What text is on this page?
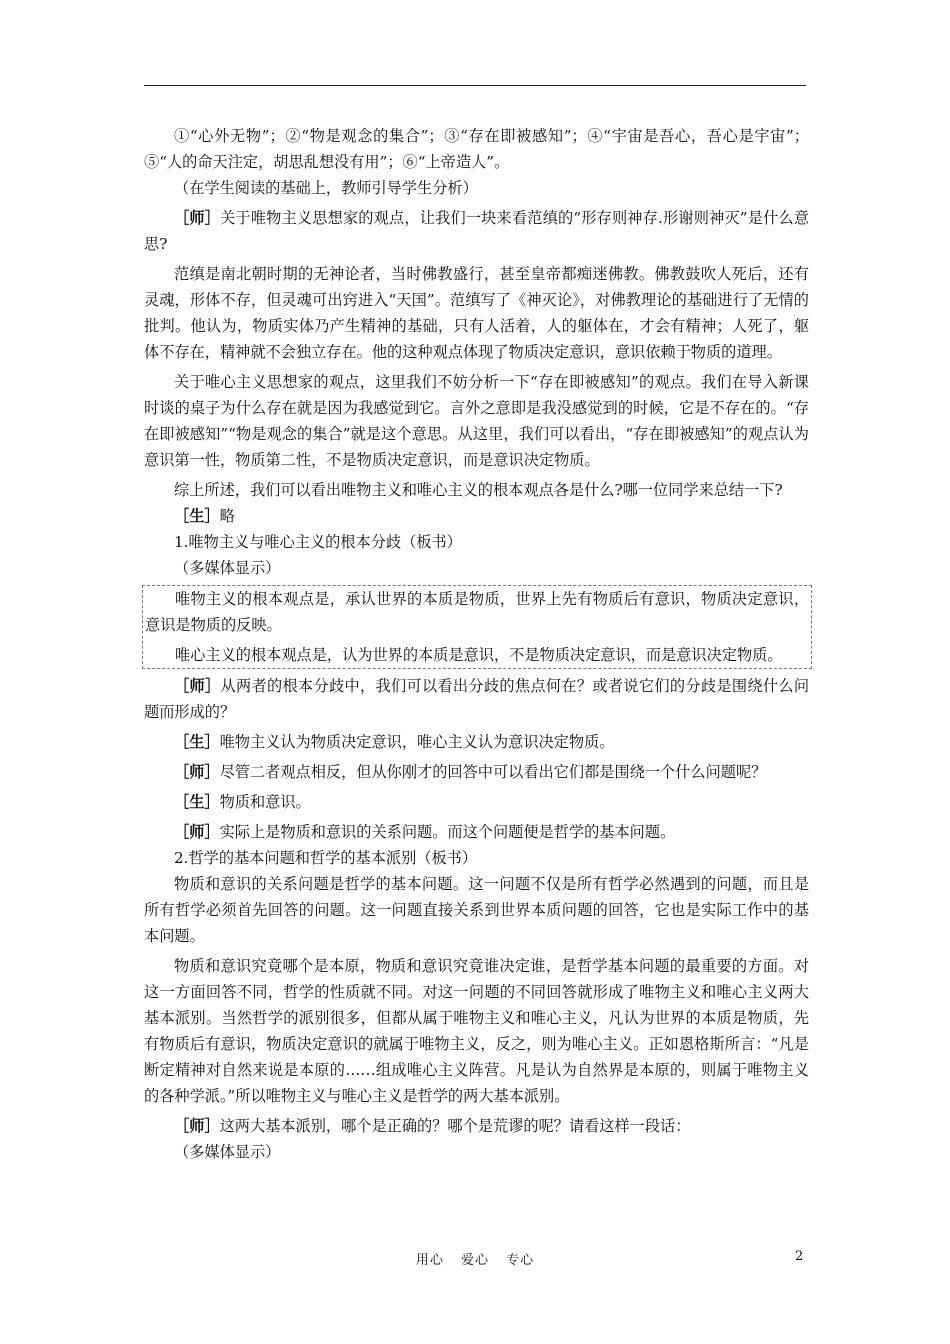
①“心外无物”；②“物是观念的集合”；③“存在即被感知”；④“宇宙是吾心，吾心是宇宙”；⑤“人的命天注定，胡思乱想没有用”；⑥“上帝造人”。

（在学生阅读的基础上，教师引导学生分析）

［师］关于唯物主义思想家的观点，让我们一块来看范缜的“形存则神存.形谢则神灭”是什么意思?

范缜是南北朝时期的无神论者，当时佛教盛行，甚至皇帝都痴迷佛教。佛教鼓吹人死后，还有灵魂，形体不存，但灵魂可出窍进入“天国”。范缜写了《神灭论》，对佛教理论的基础进行了无情的批判。他认为，物质实体乃产生精神的基础，只有人活着，人的躯体在，才会有精神；人死了，躯体不存在，精神就不会独立存在。他的这种观点体现了物质决定意识，意识依赖于物质的道理。

关于唯心主义思想家的观点，这里我们不妨分析一下“存在即被感知”的观点。我们在导入新课时谈的桌子为什么存在就是因为我感觉到它。言外之意即是我没感觉到的时候，它是不存在的。“存在即被感知”“物是观念的集合”就是这个意思。从这里，我们可以看出，“存在即被感知”的观点认为意识第一性，物质第二性，不是物质决定意识，而是意识决定物质。

综上所述，我们可以看出唯物主义和唯心主义的根本观点各是什么?哪一位同学来总结一下?

［生］略

1.唯物主义与唯心主义的根本分歧（板书）

（多媒体显示）

唯物主义的根本观点是，承认世界的本质是物质，世界上先有物质后有意识，物质决定意识，意识是物质的反映。

唯心主义的根本观点是，认为世界的本质是意识，不是物质决定意识，而是意识决定物质。

［师］从两者的根本分歧中，我们可以看出分歧的焦点何在？或者说它们的分歧是围绕什么问题而形成的？

［生］唯物主义认为物质决定意识，唯心主义认为意识决定物质。

［师］尽管二者观点相反，但从你刚才的回答中可以看出它们都是围绕一个什么问题呢？

［生］物质和意识。

［师］实际上是物质和意识的关系问题。而这个问题便是哲学的基本问题。

2.哲学的基本问题和哲学的基本派别（板书）

物质和意识的关系问题是哲学的基本问题。这一问题不仅是所有哲学必然遇到的问题，而且是所有哲学必须首先回答的问题。这一问题直接关系到世界本质问题的回答，它也是实际工作中的基本问题。

物质和意识究竟哪个是本原，物质和意识究竟谁决定谁，是哲学基本问题的最重要的方面。对这一方面回答不同，哲学的性质就不同。对这一问题的不同回答就形成了唯物主义和唯心主义两大基本派别。当然哲学的派别很多，但都从属于唯物主义和唯心主义，凡认为世界的本质是物质，先有物质后有意识，物质决定意识的就属于唯物主义，反之，则为唯心主义。正如恩格斯所言：“凡是断定精神对自然来说是本原的……组成唯心主义阵营。凡是认为自然界是本原的，则属于唯物主义的各种学派。”所以唯物主义与唯心主义是哲学的两大基本派别。

［师］这两大基本派别，哪个是正确的？哪个是荒谬的呢？请看这样一段话：

（多媒体显示）

用心 爱心 专心	2
